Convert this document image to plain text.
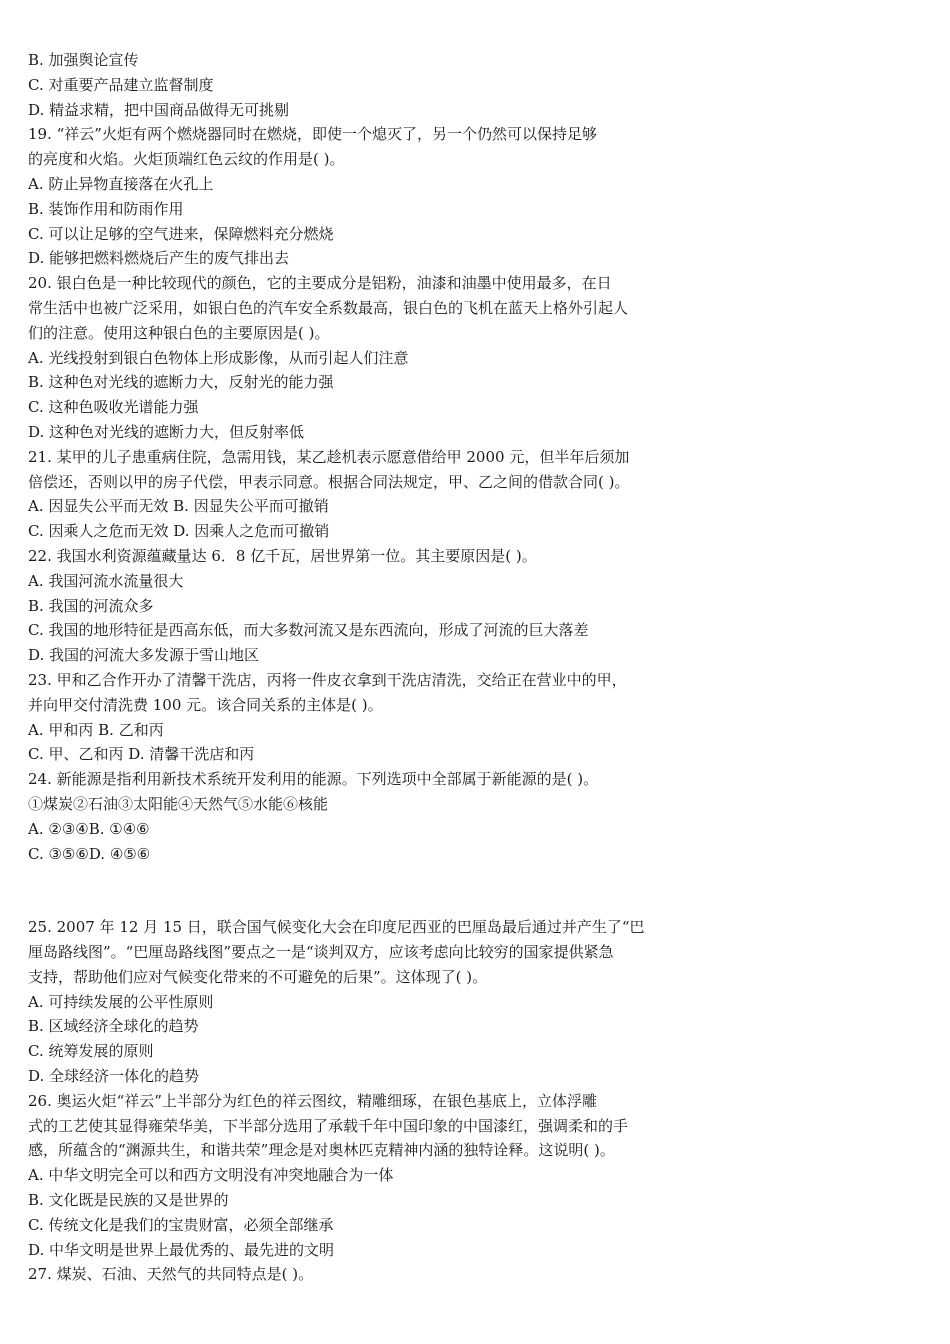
B. 加强舆论宣传
C. 对重要产品建立监督制度
D. 精益求精，把中国商品做得无可挑剔
19. “祥云”火炬有两个燃烧器同时在燃烧，即使一个熄灭了，另一个仍然可以保持足够
的亮度和火焰。火炬顶端红色云纹的作用是( )。
A. 防止异物直接落在火孔上
B. 装饰作用和防雨作用
C. 可以让足够的空气进来，保障燃料充分燃烧
D. 能够把燃料燃烧后产生的废气排出去
20. 银白色是一种比较现代的颜色，它的主要成分是铝粉，油漆和油墨中使用最多，在日
常生活中也被广泛采用，如银白色的汽车安全系数最高，银白色的飞机在蓝天上格外引起人
们的注意。使用这种银白色的主要原因是( )。
A. 光线投射到银白色物体上形成影像，从而引起人们注意
B. 这种色对光线的遮断力大，反射光的能力强
C. 这种色吸收光谱能力强
D. 这种色对光线的遮断力大，但反射率低
21. 某甲的儿子患重病住院，急需用钱，某乙趁机表示愿意借给甲 2000 元，但半年后须加
倍偿还，否则以甲的房子代偿，甲表示同意。根据合同法规定，甲、乙之间的借款合同( )。
A. 因显失公平而无效 B. 因显失公平而可撤销
C. 因乘人之危而无效 D. 因乘人之危而可撤销
22. 我国水利资源蕴藏量达 6．8 亿千瓦，居世界第一位。其主要原因是( )。
A. 我国河流水流量很大
B. 我国的河流众多
C. 我国的地形特征是西高东低，而大多数河流又是东西流向，形成了河流的巨大落差
D. 我国的河流大多发源于雪山地区
23. 甲和乙合作开办了清馨干洗店，丙将一件皮衣拿到干洗店清洗，交给正在营业中的甲，
并向甲交付清洗费 100 元。该合同关系的主体是( )。
A. 甲和丙 B. 乙和丙
C. 甲、乙和丙 D. 清馨干洗店和丙
24. 新能源是指利用新技术系统开发利用的能源。下列选项中全部属于新能源的是( )。
①煤炭②石油③太阳能④天然气⑤水能⑥核能
A. ②③④B. ①④⑥
C. ③⑤⑥D. ④⑤⑥
25. 2007 年 12 月 15 日，联合国气候变化大会在印度尼西亚的巴厘岛最后通过并产生了“巴
厘岛路线图”。“巴厘岛路线图”要点之一是“谈判双方，应该考虑向比较穷的国家提供紧急
支持，帮助他们应对气候变化带来的不可避免的后果”。这体现了( )。
A. 可持续发展的公平性原则
B. 区域经济全球化的趋势
C. 统筹发展的原则
D. 全球经济一体化的趋势
26. 奥运火炬“祥云”上半部分为红色的祥云图纹，精雕细琢，在银色基底上，立体浮雕
式的工艺使其显得雍荣华美，下半部分选用了承载千年中国印象的中国漆红，强调柔和的手
感，所蕴含的“渊源共生，和谐共荣”理念是对奥林匹克精神内涵的独特诠释。这说明( )。
A. 中华文明完全可以和西方文明没有冲突地融合为一体
B. 文化既是民族的又是世界的
C. 传统文化是我们的宝贵财富，必须全部继承
D. 中华文明是世界上最优秀的、最先进的文明
27. 煤炭、石油、天然气的共同特点是( )。
